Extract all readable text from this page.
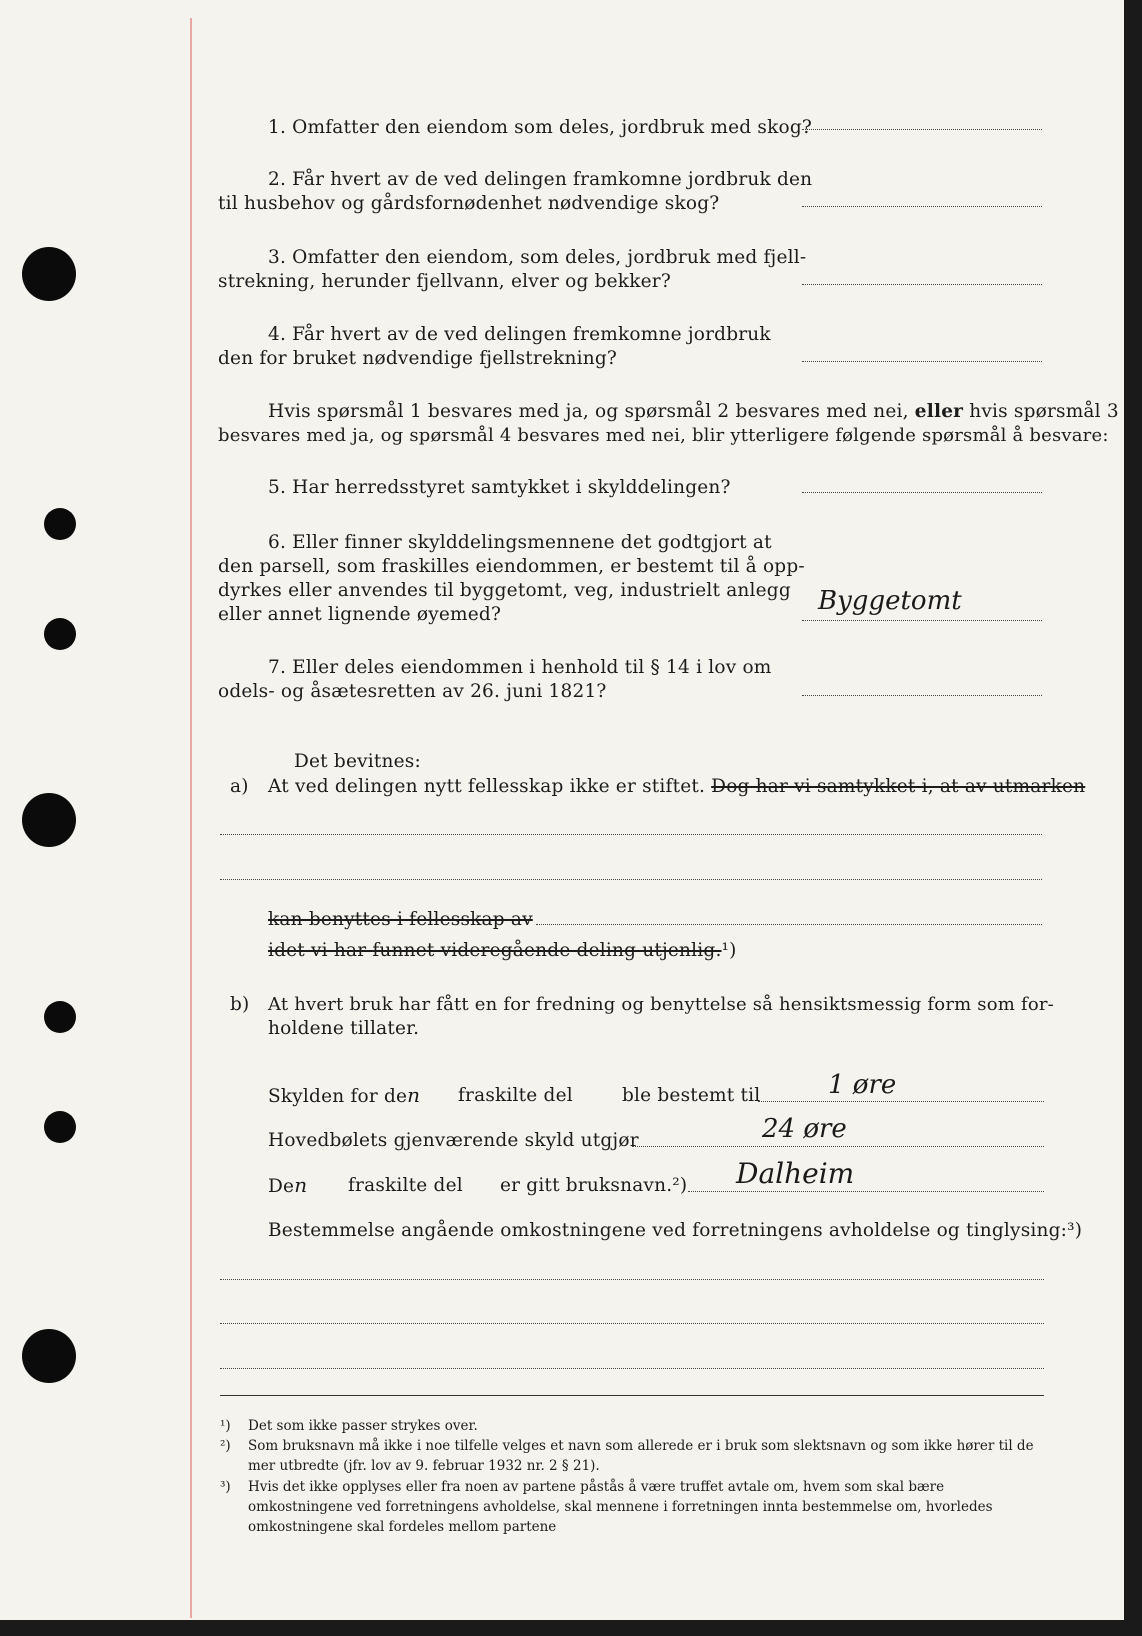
1. Omfatter den eiendom som deles, jordbruk med skog?
2. Får hvert av de ved delingen framkomne jordbruk den
til husbehov og gårdsfornødenhet nødvendige skog?
3. Omfatter den eiendom, som deles, jordbruk med fjell-
strekning, herunder fjellvann, elver og bekker?
4. Får hvert av de ved delingen fremkomne jordbruk
den for bruket nødvendige fjellstrekning?
Hvis spørsmål 1 besvares med ja, og spørsmål 2 besvares med nei, eller hvis spørsmål 3
besvares med ja, og spørsmål 4 besvares med nei, blir ytterligere følgende spørsmål å besvare:
5. Har herredsstyret samtykket i skylddelingen?
6. Eller finner skylddelingsmennene det godtgjort at
den parsell, som fraskilles eiendommen, er bestemt til å opp-
dyrkes eller anvendes til byggetomt, veg, industrielt anlegg
eller annet lignende øyemed?	Byggetomt
7. Eller deles eiendommen i henhold til § 14 i lov om
odels- og åsætesretten av 26. juni 1821?
Det bevitnes:
a) At ved delingen nytt fellesskap ikke er stiftet. Dog har vi samtykket i, at av utmarken
kan benyttes i fellesskap av
idet vi har funnet videregående deling utjenlig.¹)
b) At hvert bruk har fått en for fredning og benyttelse så hensiktsmessig form som for-
holdene tillater.
Skylden for den fraskilte del	ble bestemt til	1 øre
Hovedbølets gjenværende skyld utgjør	24 øre
Den fraskilte del er gitt bruksnavn.²) Dalheim
Bestemmelse angående omkostningene ved forretningens avholdelse og tinglysing:³)
¹) Det som ikke passer strykes over.
²) Som bruksnavn må ikke i noe tilfelle velges et navn som allerede er i bruk som slektsnavn og som ikke hører til de mer utbredte (jfr. lov av 9. februar 1932 nr. 2 § 21).
³) Hvis det ikke opplyses eller fra noen av partene påstås å være truffet avtale om, hvem som skal bære omkostningene ved forretningens avholdelse, skal mennene i forretningen innta bestemmelse om, hvorledes omkostningene skal fordeles mellom partene
